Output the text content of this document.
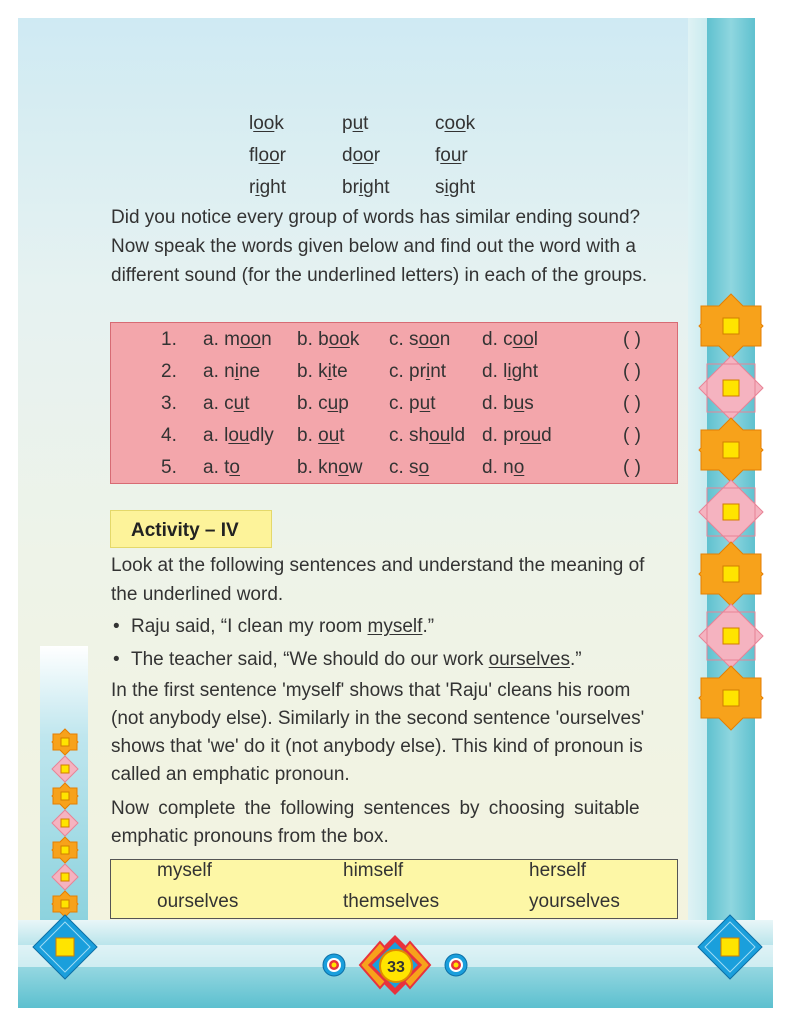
look	put	cook
floor	door	four
right	bright	sight
Did you notice every group of words has similar ending sound?
Now speak the words given below and find out the word with a
different sound (for the underlined letters) in each of the groups.
1. a. moon b. book c. soon d. cool	( )
2. a. nine b. kite c. print d. light	( )
3. a. cut	b. cup c. put d. bus	( )
4. a. loudly b. out c. should d. proud	( )
5. a. to	b. know c. so	d. no	( )
Activity – IV
Look at the following sentences and understand the meaning of
the underlined word.
• Raju said, “I clean my room myself.”
• The teacher said, “We should do our work ourselves.”
In the first sentence 'myself' shows that 'Raju' cleans his room
(not anybody else). Similarly in the second sentence 'ourselves'
shows that 'we' do it (not anybody else). This kind of pronoun is
called an emphatic pronoun.
Now complete the following sentences by choosing suitable
emphatic pronouns from the box.
myself	himself	herself
ourselves	themselves	yourselves
33
